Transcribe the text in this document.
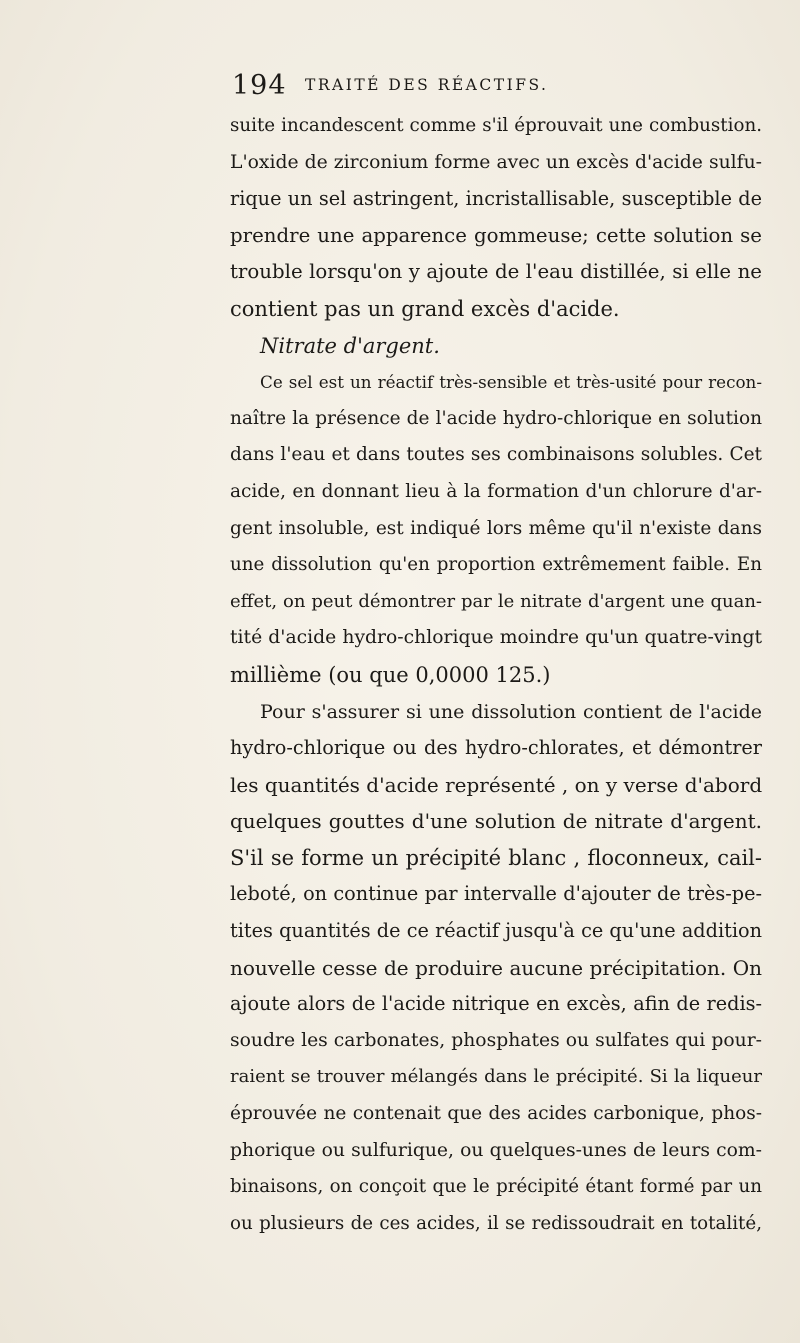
194 TRAITÉ DES RÉACTIFS.
suite incandescent comme s'il éprouvait une combustion.
L'oxide de zirconium forme avec un excès d'acide sulfu-
rique un sel astringent, incristallisable, susceptible de
prendre une apparence gommeuse; cette solution se
trouble lorsqu'on y ajoute de l'eau distillée, si elle ne
contient pas un grand excès d'acide.
Nitrate d'argent.
Ce sel est un réactif très-sensible et très-usité pour recon-
naître la présence de l'acide hydro-chlorique en solution
dans l'eau et dans toutes ses combinaisons solubles. Cet
acide, en donnant lieu à la formation d'un chlorure d'ar-
gent insoluble, est indiqué lors même qu'il n'existe dans
une dissolution qu'en proportion extrêmement faible. En
effet, on peut démontrer par le nitrate d'argent une quan-
tité d'acide hydro-chlorique moindre qu'un quatre-vingt
millième (ou que 0,0000 125.)
Pour s'assurer si une dissolution contient de l'acide
hydro-chlorique ou des hydro-chlorates, et démontrer
les quantités d'acide représenté , on y verse d'abord
quelques gouttes d'une solution de nitrate d'argent.
S'il se forme un précipité blanc , floconneux, cail-
leboté, on continue par intervalle d'ajouter de très-pe-
tites quantités de ce réactif jusqu'à ce qu'une addition
nouvelle cesse de produire aucune précipitation. On
ajoute alors de l'acide nitrique en excès, afin de redis-
soudre les carbonates, phosphates ou sulfates qui pour-
raient se trouver mélangés dans le précipité. Si la liqueur
éprouvée ne contenait que des acides carbonique, phos-
phorique ou sulfurique, ou quelques-unes de leurs com-
binaisons, on conçoit que le précipité étant formé par un
ou plusieurs de ces acides, il se redissoudrait en totalité,
